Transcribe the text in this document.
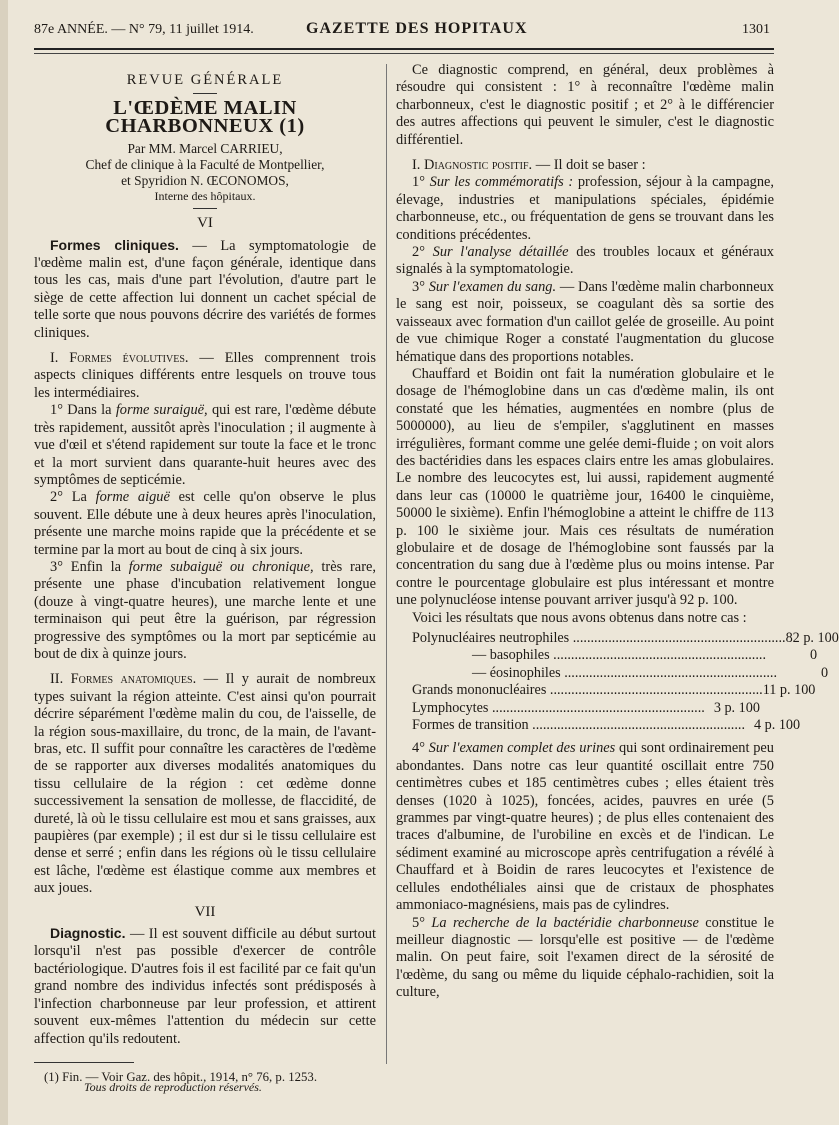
87e ANNÉE. — N° 79, 11 juillet 1914.	GAZETTE DES HOPITAUX	1301

REVUE GÉNÉRALE

L'ŒDÈME MALIN CHARBONNEUX (1)

Par MM. Marcel CARRIEU,

Chef de clinique à la Faculté de Montpellier,

et Spyridion N. ŒCONOMOS,

Interne des hôpitaux.

VI

Formes cliniques. — La symptomatologie de l'œdème malin est, d'une façon générale, identique dans tous les cas, mais d'une part l'évolution, d'autre part le siège de cette affection lui donnent un cachet spécial de telle sorte que nous pouvons décrire des variétés de formes cliniques.

I. Formes évolutives. — Elles comprennent trois aspects cliniques différents entre lesquels on trouve tous les intermédiaires.

1° Dans la forme suraiguë, qui est rare, l'œdème débute très rapidement, aussitôt après l'inoculation ; il augmente à vue d'œil et s'étend rapidement sur toute la face et le tronc et la mort survient dans quarante-huit heures avec des symptômes de septicémie.

2° La forme aiguë est celle qu'on observe le plus souvent. Elle débute une à deux heures après l'inoculation, présente une marche moins rapide que la précédente et se termine par la mort au bout de cinq à six jours.

3° Enfin la forme subaiguë ou chronique, très rare, présente une phase d'incubation relativement longue (douze à vingt-quatre heures), une marche lente et une terminaison qui peut être la guérison, par régression progressive des symptômes ou la mort par septicémie au bout de dix à quinze jours.

II. Formes anatomiques. — Il y aurait de nombreux types suivant la région atteinte. C'est ainsi qu'on pourrait décrire séparément l'œdème malin du cou, de l'aisselle, de la région sous-maxillaire, du tronc, de la main, de l'avant-bras, etc. Il suffit pour connaître les caractères de l'œdème de se rapporter aux diverses modalités anatomiques du tissu cellulaire de la région : cet œdème donne successivement la sensation de mollesse, de flaccidité, de dureté, là où le tissu cellulaire est mou et sans graisses, aux paupières (par exemple) ; il est dur si le tissu cellulaire est dense et serré ; enfin dans les régions où le tissu cellulaire est lâche, l'œdème est élastique comme aux membres et aux joues.

VII

Diagnostic. — Il est souvent difficile au début surtout lorsqu'il n'est pas possible d'exercer de contrôle bactériologique. D'autres fois il est facilité par ce fait qu'un grand nombre des individus infectés sont prédisposés à l'infection charbonneuse par leur profession, et attirent souvent eux-mêmes l'attention du médecin sur cette affection qu'ils redoutent.

(1) Fin. — Voir Gaz. des hôpit., 1914, n° 76, p. 1253.

Ce diagnostic comprend, en général, deux problèmes à résoudre qui consistent : 1° à reconnaître l'œdème malin charbonneux, c'est le diagnostic positif ; et 2° à le différencier des autres affections qui peuvent le simuler, c'est le diagnostic différentiel.

I. Diagnostic positif. — Il doit se baser :

1° Sur les commémoratifs : profession, séjour à la campagne, élevage, industries et manipulations spéciales, épidémie charbonneuse, etc., ou fréquentation de gens se trouvant dans les conditions précédentes.

2° Sur l'analyse détaillée des troubles locaux et généraux signalés à la symptomatologie.

3° Sur l'examen du sang. — Dans l'œdème malin charbonneux le sang est noir, poisseux, se coagulant dès sa sortie des vaisseaux avec formation d'un caillot gelée de groseille. Au point de vue chimique Roger a constaté l'augmentation du glucose hématique dans des proportions notables.

Chauffard et Boidin ont fait la numération globulaire et le dosage de l'hémoglobine dans un cas d'œdème malin, ils ont constaté que les hématies, augmentées en nombre (plus de 5000000), au lieu de s'empiler, s'agglutinent en masses irrégulières, formant comme une gelée demi-fluide ; on voit alors des bactéridies dans les espaces clairs entre les amas globulaires. Le nombre des leucocytes est, lui aussi, rapidement augmenté dans leur cas (10000 le quatrième jour, 16400 le cinquième, 50000 le sixième). Enfin l'hémoglobine a atteint le chiffre de 113 p. 100 le sixième jour. Mais ces résultats de numération globulaire et de dosage de l'hémoglobine sont faussés par la concentration du sang due à l'œdème plus ou moins intense. Par contre le pourcentage globulaire est plus intéressant et montre une polynucléose intense pouvant arriver jusqu'à 92 p. 100.

Voici les résultats que nous avons obtenus dans notre cas :

Polynucléaires neutrophiles ............................................................ 82 p. 100
— basophiles ............................................................	0
— éosinophiles ............................................................	0
Grands mononucléaires ............................................................ 11 p. 100
Lymphocytes ............................................................ 3 p. 100
Formes de transition ............................................................ 4 p. 100

4° Sur l'examen complet des urines qui sont ordinairement peu abondantes. Dans notre cas leur quantité oscillait entre 750 centimètres cubes et 185 centimètres cubes ; elles étaient très denses (1020 à 1025), foncées, acides, pauvres en urée (5 grammes par vingt-quatre heures) ; de plus elles contenaient des traces d'albumine, de l'urobiline en excès et de l'indican. Le sédiment examiné au microscope après centrifugation a révélé à Chauffard et à Boidin de rares leucocytes et l'existence de cellules endothéliales ainsi que de cristaux de phosphates ammoniaco-magnésiens, mais pas de cylindres.

5° La recherche de la bactéridie charbonneuse constitue le meilleur diagnostic — lorsqu'elle est positive — de l'œdème malin. On peut faire, soit l'examen direct de la sérosité de l'œdème, du sang ou même du liquide céphalo-rachidien, soit la culture,

Tous droits de reproduction réservés.
